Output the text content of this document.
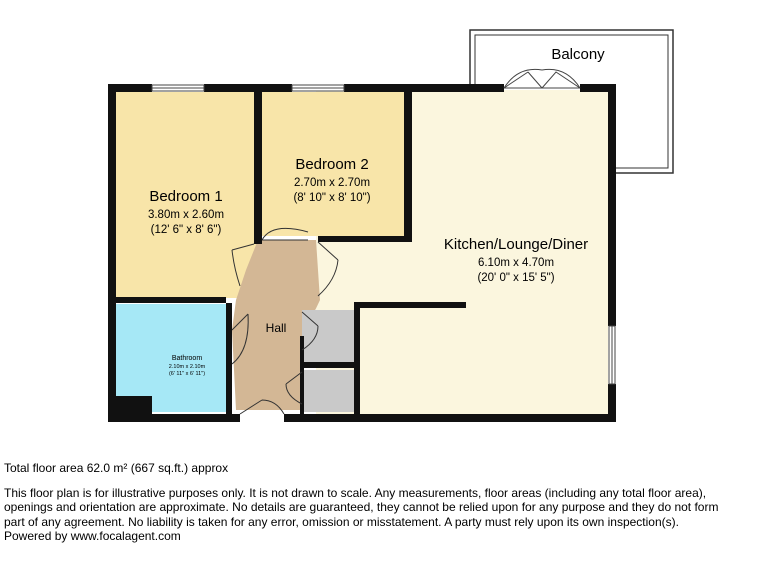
Balcony
Bedroom 1
3.80m x 2.60m
(12' 6" x 8' 6")
Bedroom 2
2.70m x 2.70m
(8' 10" x 8' 10")
Kitchen/Lounge/Diner
6.10m x 4.70m
(20' 0" x 15' 5")
Hall
Bathroom
2.10m x 2.10m
(6' 11" x 6' 11")

Total floor area 62.0 m² (667 sq.ft.) approx

This floor plan is for illustrative purposes only. It is not drawn to scale. Any measurements, floor areas (including any total floor area),

openings and orientation are approximate. No details are guaranteed, they cannot be relied upon for any purpose and they do not form

part of any agreement. No liability is taken for any error, omission or misstatement. A party must rely upon its own inspection(s).

Powered by www.focalagent.com
